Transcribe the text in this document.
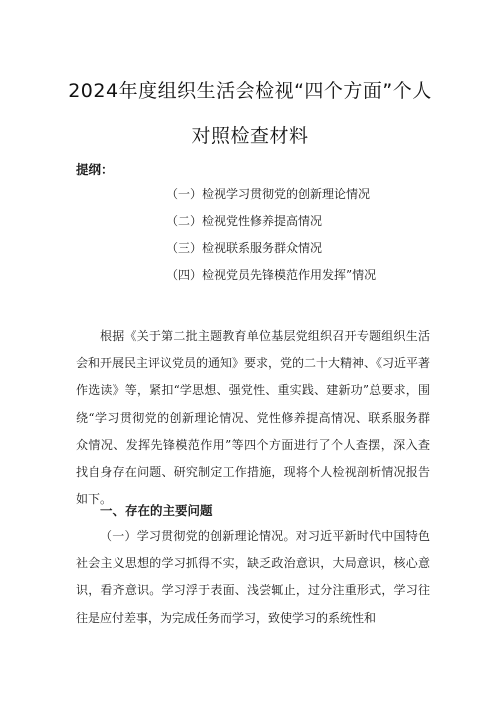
2024年度组织生活会检视“四个方面”个人
对照检查材料
提纲：
（一）检视学习贯彻党的创新理论情况
（二）检视党性修养提高情况
（三）检视联系服务群众情况
（四）检视党员先锋模范作用发挥”情况

根据《关于第二批主题教育单位基层党组织召开专题组织生活会和开展民主评议党员的通知》要求，党的二十大精神、《习近平著作选读》等，紧扣“学思想、强党性、重实践、建新功”总要求，围绕“学习贯彻党的创新理论情况、党性修养提高情况、联系服务群众情况、发挥先锋模范作用”等四个方面进行了个人查摆，深入查找自身存在问题、研究制定工作措施，现将个人检视剖析情况报告如下。

一、存在的主要问题

（一）学习贯彻党的创新理论情况。对习近平新时代中国特色社会主义思想的学习抓得不实，缺乏政治意识，大局意识，核心意识，看齐意识。学习浮于表面、浅尝辄止，过分注重形式，学习往往是应付差事，为完成任务而学习，致使学习的系统性和
